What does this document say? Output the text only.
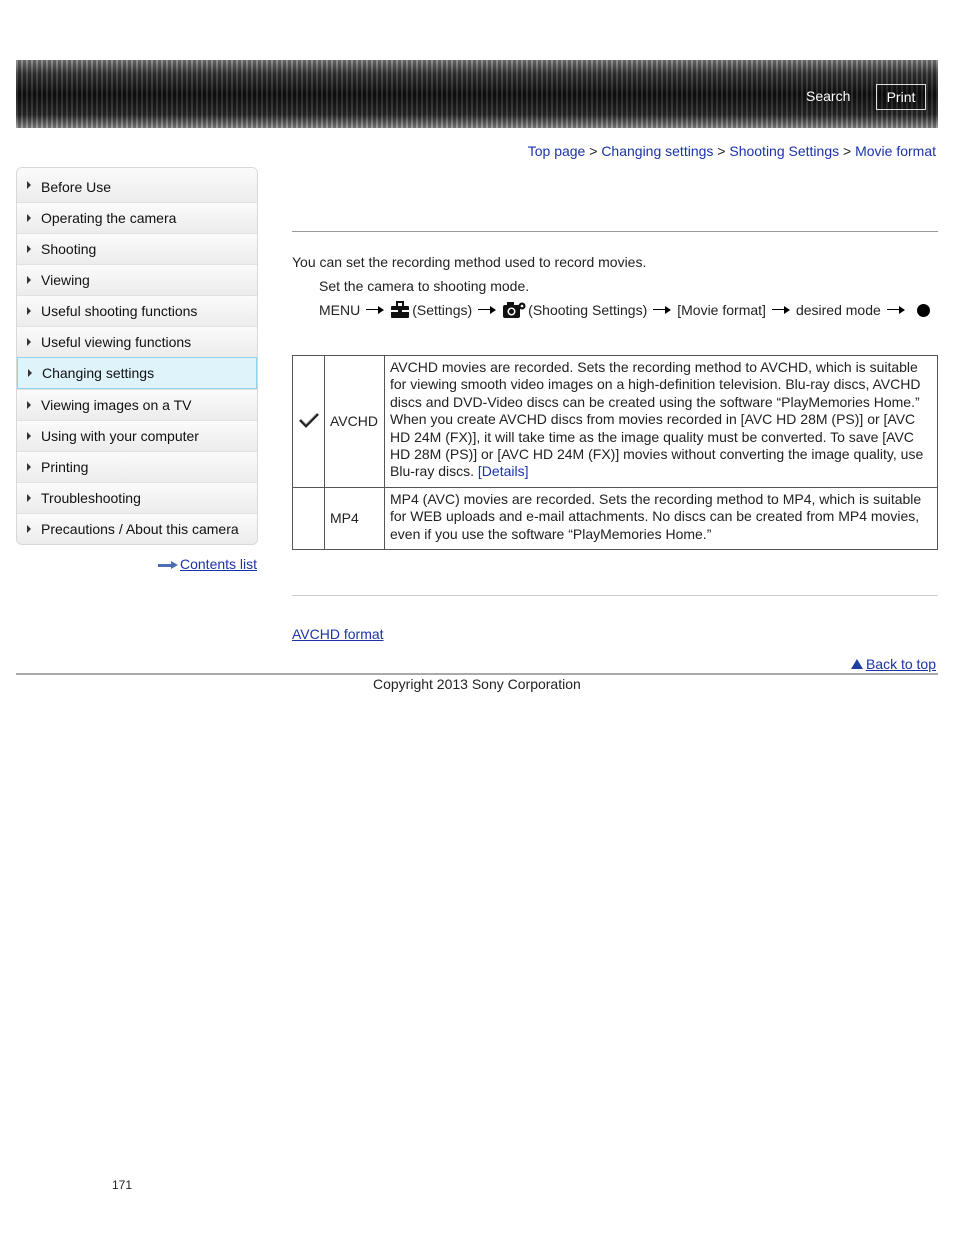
Search	Print
Top page > Changing settings > Shooting Settings > Movie format
Before Use
Operating the camera
Shooting
Viewing
Useful shooting functions
Useful viewing functions
Changing settings
Viewing images on a TV
Using with your computer
Printing
Troubleshooting
Precautions / About this camera
Contents list
You can set the recording method used to record movies.
Set the camera to shooting mode.
MENU	(Settings)	(Shooting Settings) [Movie format] desired mode
	AVCHD	AVCHD movies are recorded. Sets the recording method to AVCHD, which is suitable for viewing smooth video images on a high-definition television. Blu-ray discs, AVCHD discs and DVD-Video discs can be created using the software “PlayMemories Home.” When you create AVCHD discs from movies recorded in [AVC HD 28M (PS)] or [AVC HD 24M (FX)], it will take time as the image quality must be converted. To save [AVC HD 28M (PS)] or [AVC HD 24M (FX)] movies without converting the image quality, use Blu-ray discs. [Details]
	MP4	MP4 (AVC) movies are recorded. Sets the recording method to MP4, which is suitable for WEB uploads and e-mail attachments. No discs can be created from MP4 movies, even if you use the software “PlayMemories Home.”
AVCHD format
Back to top
Copyright 2013 Sony Corporation
171
